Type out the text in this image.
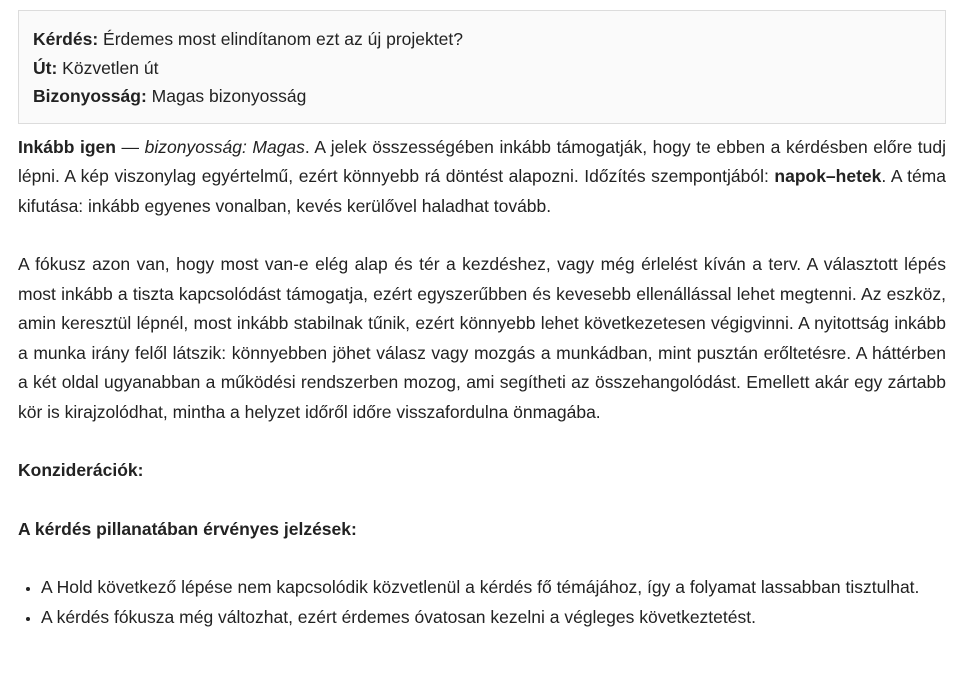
Kérdés: Érdemes most elindítanom ezt az új projektet?
Út: Közvetlen út
Bizonyosság: Magas bizonyosság

Inkább igen — bizonyosság: Magas. A jelek összességében inkább támogatják, hogy te ebben a kérdésben előre tudj lépni. A kép viszonylag egyértelmű, ezért könnyebb rá döntést alapozni. Időzítés szempontjából: napok–hetek. A téma kifutása: inkább egyenes vonalban, kevés kerülővel haladhat tovább.

A fókusz azon van, hogy most van-e elég alap és tér a kezdéshez, vagy még érlelést kíván a terv. A választott lépés most inkább a tiszta kapcsolódást támogatja, ezért egyszerűbben és kevesebb ellenállással lehet megtenni. Az eszköz, amin keresztül lépnél, most inkább stabilnak tűnik, ezért könnyebb lehet következetesen végigvinni. A nyitottság inkább a munka irány felől látszik: könnyebben jöhet válasz vagy mozgás a munkádban, mint pusztán erőltetésre. A háttérben a két oldal ugyanabban a működési rendszerben mozog, ami segítheti az összehangolódást. Emellett akár egy zártabb kör is kirajzolódhat, mintha a helyzet időről időre visszafordulna önmagába.

Konziderációk:

A kérdés pillanatában érvényes jelzések:

• A Hold következő lépése nem kapcsolódik közvetlenül a kérdés fő témájához, így a folyamat lassabban tisztulhat.
• A kérdés fókusza még változhat, ezért érdemes óvatosan kezelni a végleges következtetést.
